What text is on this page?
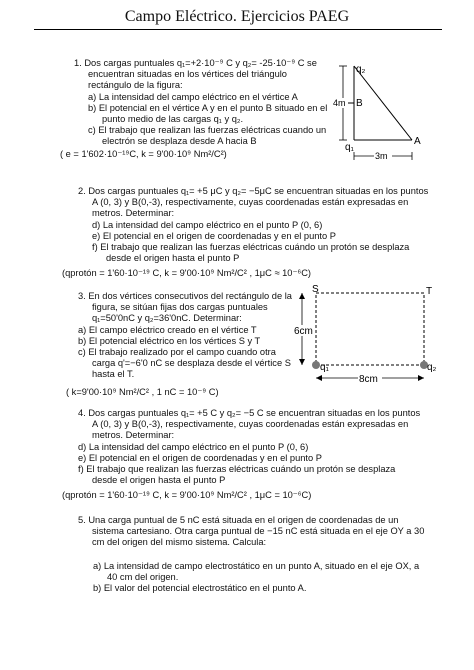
Campo Eléctrico. Ejercicios PAEG
1. Dos cargas puntuales q₁=+2·10⁻⁹ C y q₂= -25·10⁻⁹ C se
encuentran situadas en los vértices del triángulo
rectángulo de la figura:
a) La intensidad del campo eléctrico en el vértice A
b) El potencial en el vértice A y en el punto B situado en el
punto medio de las cargas q₁ y q₂.
c) El trabajo que realizan las fuerzas eléctricas cuando un
electrón se desplaza desde A hacia B
( e = 1'602·10⁻¹⁹C, k = 9'00·10⁹ Nm²/C²)
q₂
B
4m
q₁
A
3m
2. Dos cargas puntuales q₁= +5 μC y q₂= −5μC se encuentran situadas en los puntos
A (0, 3) y B(0,-3), respectivamente, cuyas coordenadas están expresadas en
metros. Determinar:
d) La intensidad del campo eléctrico en el punto P (0, 6)
e) El potencial en el origen de coordenadas y en el punto P
f) El trabajo que realizan las fuerzas eléctricas cuándo un protón se desplaza
desde el origen hasta el punto P
(qprotón = 1'60·10⁻¹⁹ C, k = 9'00·10⁹ Nm²/C² , 1μC ≈ 10⁻⁶C)
3. En dos vértices consecutivos del rectángulo de la
figura, se sitúan fijas dos cargas puntuales
q₁=50'0nC y q₂=36'0nC. Determinar:
a) El campo eléctrico creado en el vértice T
b) El potencial eléctrico en los vértices S y T
c) El trabajo realizado por el campo cuando otra
carga q'=−6'0 nC se desplaza desde el vértice S
hasta el T.
( k=9'00·10⁹ Nm²/C² , 1 nC = 10⁻⁹ C)
S	T
6cm
q₁	q₂
8cm
4. Dos cargas puntuales q₁= +5 C y q₂= −5 C se encuentran situadas en los puntos
A (0, 3) y B(0,-3), respectivamente, cuyas coordenadas están expresadas en
metros. Determinar:
d) La intensidad del campo eléctrico en el punto P (0, 6)
e) El potencial en el origen de coordenadas y en el punto P
f) El trabajo que realizan las fuerzas eléctricas cuándo un protón se desplaza
desde el origen hasta el punto P
(qprotón = 1'60·10⁻¹⁹ C, k = 9'00·10⁹ Nm²/C² , 1μC = 10⁻⁶C)
5. Una carga puntual de 5 nC está situada en el origen de coordenadas de un
sistema cartesiano. Otra carga puntual de −15 nC está situada en el eje OY a 30
cm del origen del mismo sistema. Calcula:
a) La intensidad de campo electrostático en un punto A, situado en el eje OX, a
40 cm del origen.
b) El valor del potencial electrostático en el punto A.
